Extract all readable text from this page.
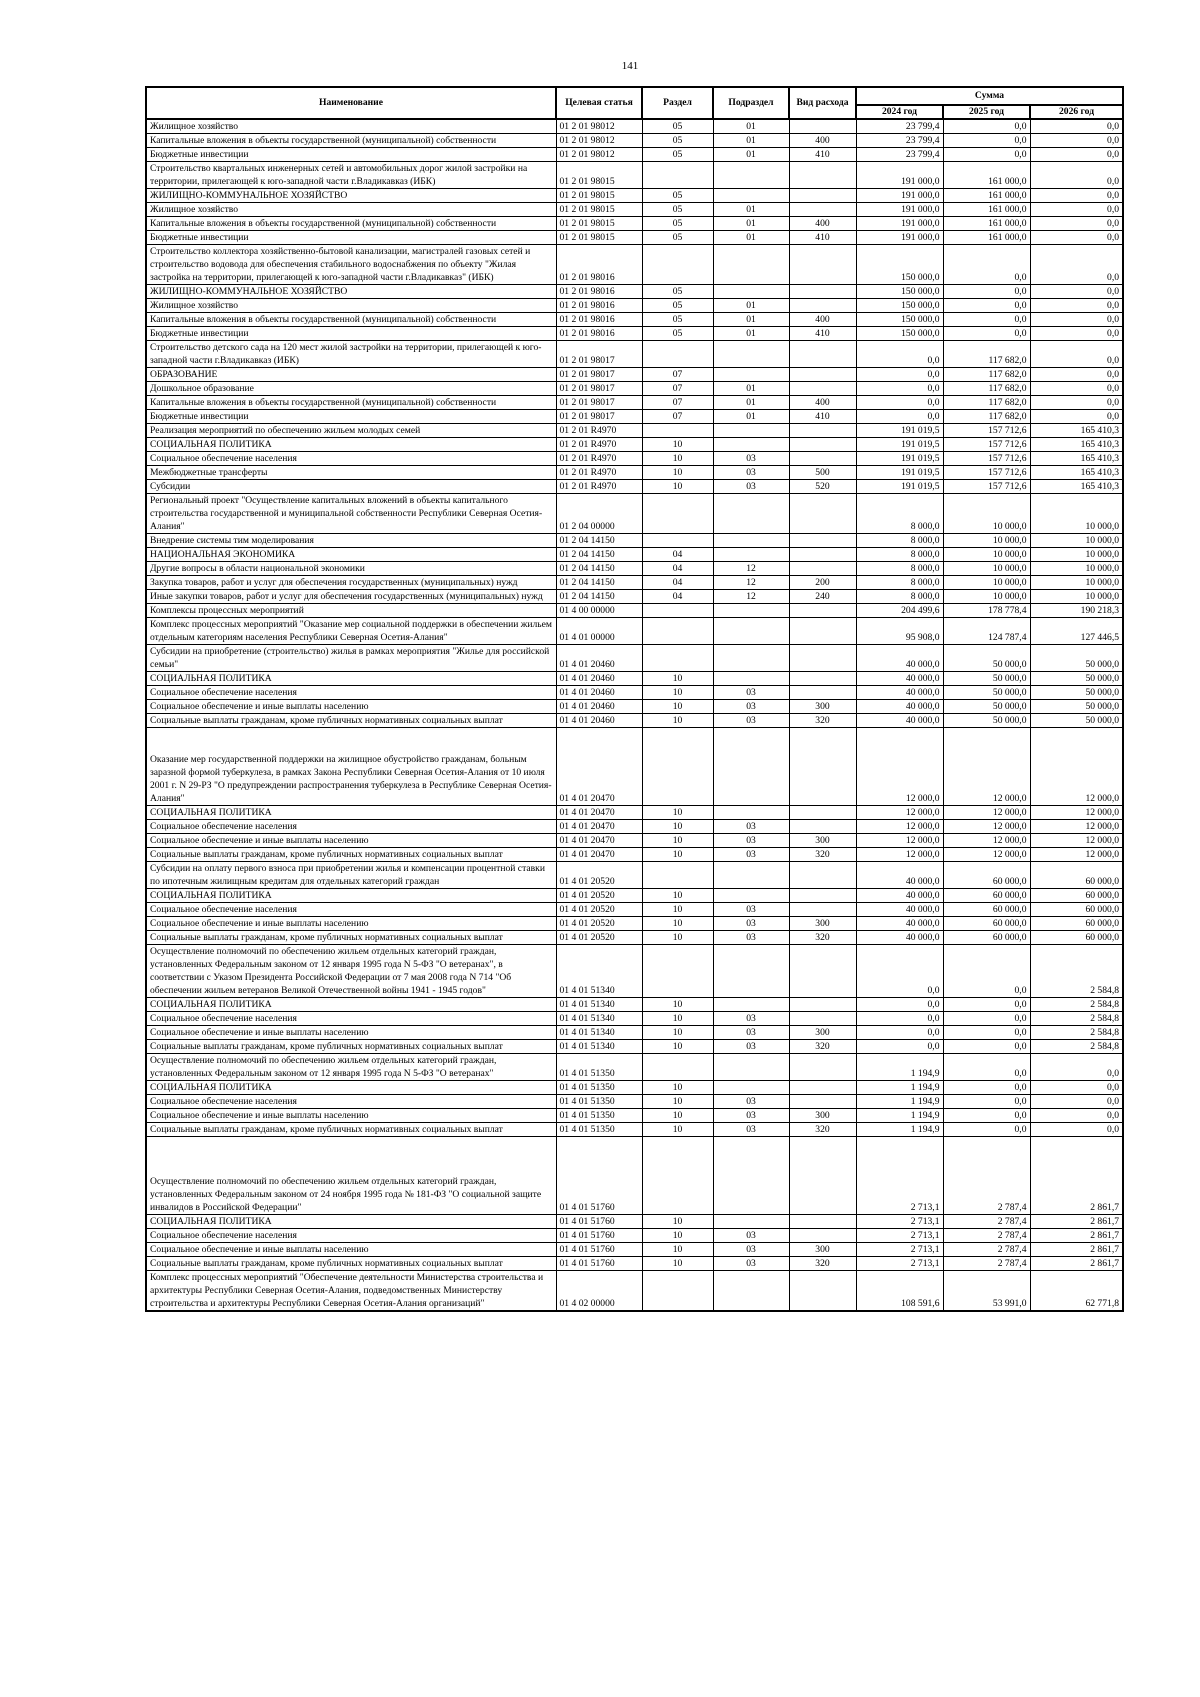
141
Наименование	Целевая статья	Раздел	Подраздел	Вид расхода	Сумма		
					2024 год	2025 год	2026 год
Жилищное хозяйство	01 2 01 98012	05	01		23 799,4	0,0	0,0
Капитальные вложения в объекты государственной (муниципальной) собственности	01 2 01 98012	05	01	400	23 799,4	0,0	0,0
Бюджетные инвестиции	01 2 01 98012	05	01	410	23 799,4	0,0	0,0
Строительство квартальных инженерных сетей и автомобильных дорог жилой застройки на территории, прилегающей к юго-западной части г.Владикавказ (ИБК)	01 2 01 98015				191 000,0	161 000,0	0,0
ЖИЛИЩНО-КОММУНАЛЬНОЕ ХОЗЯЙСТВО	01 2 01 98015	05			191 000,0	161 000,0	0,0
Жилищное хозяйство	01 2 01 98015	05	01		191 000,0	161 000,0	0,0
Капитальные вложения в объекты государственной (муниципальной) собственности	01 2 01 98015	05	01	400	191 000,0	161 000,0	0,0
Бюджетные инвестиции	01 2 01 98015	05	01	410	191 000,0	161 000,0	0,0
Строительство коллектора хозяйственно-бытовой канализации, магистралей газовых сетей и строительство водовода для обеспечения стабильного водоснабжения по объекту "Жилая застройка на территории, прилегающей к юго-западной части г.Владикавказ" (ИБК)	01 2 01 98016				150 000,0	0,0	0,0
ЖИЛИЩНО-КОММУНАЛЬНОЕ ХОЗЯЙСТВО	01 2 01 98016	05			150 000,0	0,0	0,0
Жилищное хозяйство	01 2 01 98016	05	01		150 000,0	0,0	0,0
Капитальные вложения в объекты государственной (муниципальной) собственности	01 2 01 98016	05	01	400	150 000,0	0,0	0,0
Бюджетные инвестиции	01 2 01 98016	05	01	410	150 000,0	0,0	0,0
Строительство детского сада на 120 мест жилой застройки на территории, прилегающей к юго-западной части г.Владикавказ (ИБК)	01 2 01 98017				0,0	117 682,0	0,0
ОБРАЗОВАНИЕ	01 2 01 98017	07			0,0	117 682,0	0,0
Дошкольное образование	01 2 01 98017	07	01		0,0	117 682,0	0,0
Капитальные вложения в объекты государственной (муниципальной) собственности	01 2 01 98017	07	01	400	0,0	117 682,0	0,0
Бюджетные инвестиции	01 2 01 98017	07	01	410	0,0	117 682,0	0,0
Реализация мероприятий по обеспечению жильем молодых семей	01 2 01 R4970				191 019,5	157 712,6	165 410,3
СОЦИАЛЬНАЯ ПОЛИТИКА	01 2 01 R4970	10			191 019,5	157 712,6	165 410,3
Социальное обеспечение населения	01 2 01 R4970	10	03		191 019,5	157 712,6	165 410,3
Межбюджетные трансферты	01 2 01 R4970	10	03	500	191 019,5	157 712,6	165 410,3
Субсидии	01 2 01 R4970	10	03	520	191 019,5	157 712,6	165 410,3
Региональный проект "Осуществление капитальных вложений в объекты капитального строительства государственной и муниципальной собственности Республики Северная Осетия-Алания"	01 2 04 00000				8 000,0	10 000,0	10 000,0
Внедрение системы тим моделирования	01 2 04 14150				8 000,0	10 000,0	10 000,0
НАЦИОНАЛЬНАЯ ЭКОНОМИКА	01 2 04 14150	04			8 000,0	10 000,0	10 000,0
Другие вопросы в области национальной экономики	01 2 04 14150	04	12		8 000,0	10 000,0	10 000,0
Закупка товаров, работ и услуг для обеспечения государственных (муниципальных) нужд	01 2 04 14150	04	12	200	8 000,0	10 000,0	10 000,0
Иные закупки товаров, работ и услуг для обеспечения государственных (муниципальных) нужд	01 2 04 14150	04	12	240	8 000,0	10 000,0	10 000,0
Комплексы процессных мероприятий	01 4 00 00000				204 499,6	178 778,4	190 218,3
Комплекс процессных мероприятий "Оказание мер социальной поддержки в обеспечении жильем отдельным категориям населения Республики Северная Осетия-Алания"	01 4 01 00000				95 908,0	124 787,4	127 446,5
Субсидии на приобретение (строительство) жилья в рамках мероприятия "Жилье для российской семьи"	01 4 01 20460				40 000,0	50 000,0	50 000,0
СОЦИАЛЬНАЯ ПОЛИТИКА	01 4 01 20460	10			40 000,0	50 000,0	50 000,0
Социальное обеспечение населения	01 4 01 20460	10	03		40 000,0	50 000,0	50 000,0
Социальное обеспечение и иные выплаты населению	01 4 01 20460	10	03	300	40 000,0	50 000,0	50 000,0
Социальные выплаты гражданам, кроме публичных нормативных социальных выплат	01 4 01 20460	10	03	320	40 000,0	50 000,0	50 000,0
Оказание мер государственной поддержки на жилищное обустройство гражданам, больным заразной формой туберкулеза, в рамках Закона Республики Северная Осетия-Алания от 10 июля 2001 г. N 29-РЗ "О предупреждении распространения туберкулеза в Республике Северная Осетия-Алания"	01 4 01 20470				12 000,0	12 000,0	12 000,0
СОЦИАЛЬНАЯ ПОЛИТИКА	01 4 01 20470	10			12 000,0	12 000,0	12 000,0
Социальное обеспечение населения	01 4 01 20470	10	03		12 000,0	12 000,0	12 000,0
Социальное обеспечение и иные выплаты населению	01 4 01 20470	10	03	300	12 000,0	12 000,0	12 000,0
Социальные выплаты гражданам, кроме публичных нормативных социальных выплат	01 4 01 20470	10	03	320	12 000,0	12 000,0	12 000,0
Субсидии на оплату первого взноса при приобретении жилья и компенсации процентной ставки по ипотечным жилищным кредитам для отдельных категорий граждан	01 4 01 20520				40 000,0	60 000,0	60 000,0
СОЦИАЛЬНАЯ ПОЛИТИКА	01 4 01 20520	10			40 000,0	60 000,0	60 000,0
Социальное обеспечение населения	01 4 01 20520	10	03		40 000,0	60 000,0	60 000,0
Социальное обеспечение и иные выплаты населению	01 4 01 20520	10	03	300	40 000,0	60 000,0	60 000,0
Социальные выплаты гражданам, кроме публичных нормативных социальных выплат	01 4 01 20520	10	03	320	40 000,0	60 000,0	60 000,0
Осуществление полномочий по обеспечению жильем отдельных категорий граждан, установленных Федеральным законом от 12 января 1995 года N 5-ФЗ "О ветеранах", в соответствии с Указом Президента Российской Федерации от 7 мая 2008 года N 714 "Об обеспечении жильем ветеранов Великой Отечественной войны 1941 - 1945 годов"	01 4 01 51340				0,0	0,0	2 584,8
СОЦИАЛЬНАЯ ПОЛИТИКА	01 4 01 51340	10			0,0	0,0	2 584,8
Социальное обеспечение населения	01 4 01 51340	10	03		0,0	0,0	2 584,8
Социальное обеспечение и иные выплаты населению	01 4 01 51340	10	03	300	0,0	0,0	2 584,8
Социальные выплаты гражданам, кроме публичных нормативных социальных выплат	01 4 01 51340	10	03	320	0,0	0,0	2 584,8
Осуществление полномочий по обеспечению жильем отдельных категорий граждан, установленных Федеральным законом от 12 января 1995 года N 5-ФЗ "О ветеранах"	01 4 01 51350				1 194,9	0,0	0,0
СОЦИАЛЬНАЯ ПОЛИТИКА	01 4 01 51350	10			1 194,9	0,0	0,0
Социальное обеспечение населения	01 4 01 51350	10	03		1 194,9	0,0	0,0
Социальное обеспечение и иные выплаты населению	01 4 01 51350	10	03	300	1 194,9	0,0	0,0
Социальные выплаты гражданам, кроме публичных нормативных социальных выплат	01 4 01 51350	10	03	320	1 194,9	0,0	0,0
Осуществление полномочий по обеспечению жильем отдельных категорий граждан, установленных Федеральным законом от 24 ноября 1995 года № 181-ФЗ "О социальной защите инвалидов в Российской Федерации"	01 4 01 51760				2 713,1	2 787,4	2 861,7
СОЦИАЛЬНАЯ ПОЛИТИКА	01 4 01 51760	10			2 713,1	2 787,4	2 861,7
Социальное обеспечение населения	01 4 01 51760	10	03		2 713,1	2 787,4	2 861,7
Социальное обеспечение и иные выплаты населению	01 4 01 51760	10	03	300	2 713,1	2 787,4	2 861,7
Социальные выплаты гражданам, кроме публичных нормативных социальных выплат	01 4 01 51760	10	03	320	2 713,1	2 787,4	2 861,7
Комплекс процессных мероприятий "Обеспечение деятельности Министерства строительства и архитектуры Республики Северная Осетия-Алания, подведомственных Министерству строительства и архитектуры Республики Северная Осетия-Алания организаций"	01 4 02 00000				108 591,6	53 991,0	62 771,8
